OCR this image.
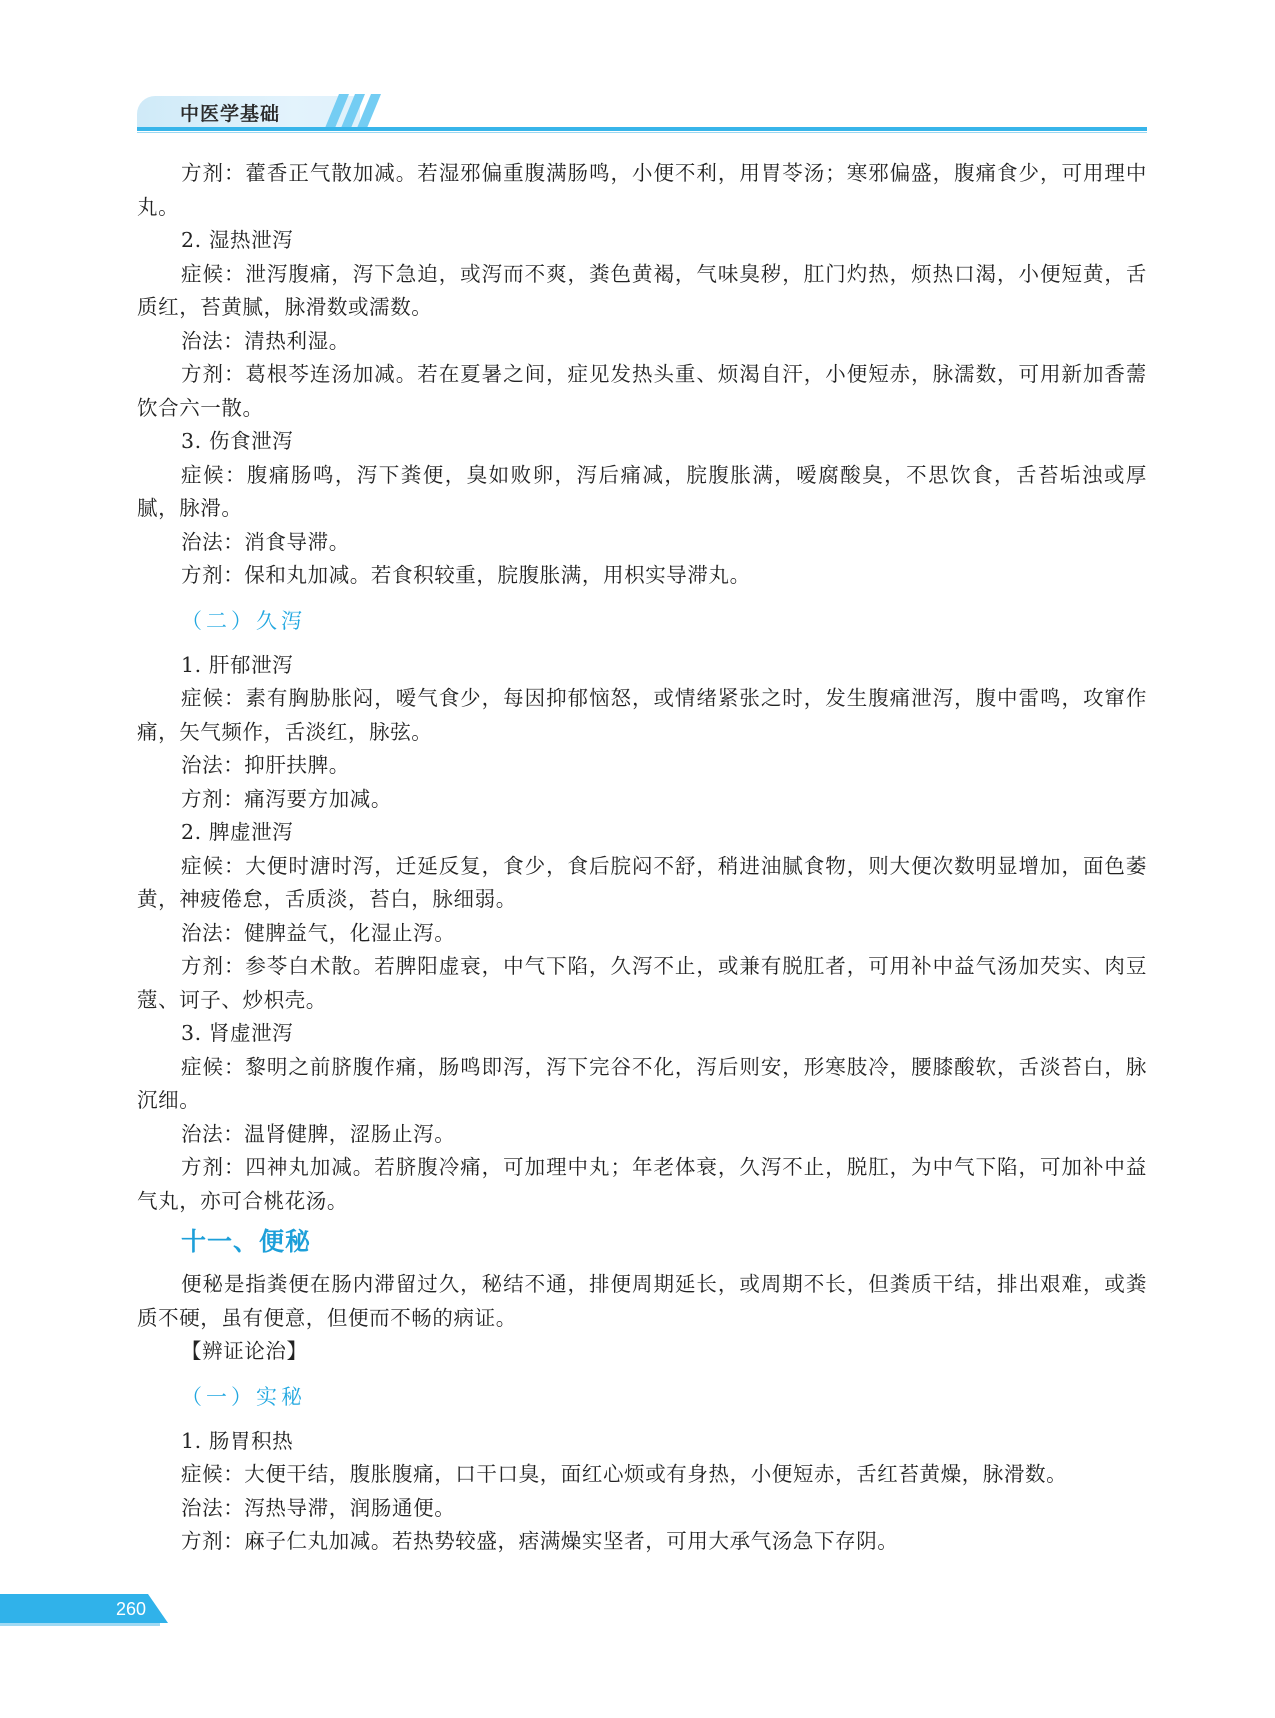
中医学基础

方剂：藿香正气散加减。若湿邪偏重腹满肠鸣，小便不利，用胃苓汤；寒邪偏盛，腹痛食少，可用理中丸。

2. 湿热泄泻

症候：泄泻腹痛，泻下急迫，或泻而不爽，粪色黄褐，气味臭秽，肛门灼热，烦热口渴，小便短黄，舌质红，苔黄腻，脉滑数或濡数。

治法：清热利湿。

方剂：葛根芩连汤加减。若在夏暑之间，症见发热头重、烦渴自汗，小便短赤，脉濡数，可用新加香薷饮合六一散。

3. 伤食泄泻

症候：腹痛肠鸣，泻下粪便，臭如败卵，泻后痛减，脘腹胀满，嗳腐酸臭，不思饮食，舌苔垢浊或厚腻，脉滑。

治法：消食导滞。

方剂：保和丸加减。若食积较重，脘腹胀满，用枳实导滞丸。

（二）久泻

1. 肝郁泄泻

症候：素有胸胁胀闷，嗳气食少，每因抑郁恼怒，或情绪紧张之时，发生腹痛泄泻，腹中雷鸣，攻窜作痛，矢气频作，舌淡红，脉弦。

治法：抑肝扶脾。

方剂：痛泻要方加减。

2. 脾虚泄泻

症候：大便时溏时泻，迁延反复，食少，食后脘闷不舒，稍进油腻食物，则大便次数明显增加，面色萎黄，神疲倦怠，舌质淡，苔白，脉细弱。

治法：健脾益气，化湿止泻。

方剂：参苓白术散。若脾阳虚衰，中气下陷，久泻不止，或兼有脱肛者，可用补中益气汤加芡实、肉豆蔻、诃子、炒枳壳。

3. 肾虚泄泻

症候：黎明之前脐腹作痛，肠鸣即泻，泻下完谷不化，泻后则安，形寒肢冷，腰膝酸软，舌淡苔白，脉沉细。

治法：温肾健脾，涩肠止泻。

方剂：四神丸加减。若脐腹冷痛，可加理中丸；年老体衰，久泻不止，脱肛，为中气下陷，可加补中益气丸，亦可合桃花汤。

十一、便秘

便秘是指粪便在肠内滞留过久，秘结不通，排便周期延长，或周期不长，但粪质干结，排出艰难，或粪质不硬，虽有便意，但便而不畅的病证。

【辨证论治】

（一）实秘

1. 肠胃积热

症候：大便干结，腹胀腹痛，口干口臭，面红心烦或有身热，小便短赤，舌红苔黄燥，脉滑数。

治法：泻热导滞，润肠通便。

方剂：麻子仁丸加减。若热势较盛，痞满燥实坚者，可用大承气汤急下存阴。

260
